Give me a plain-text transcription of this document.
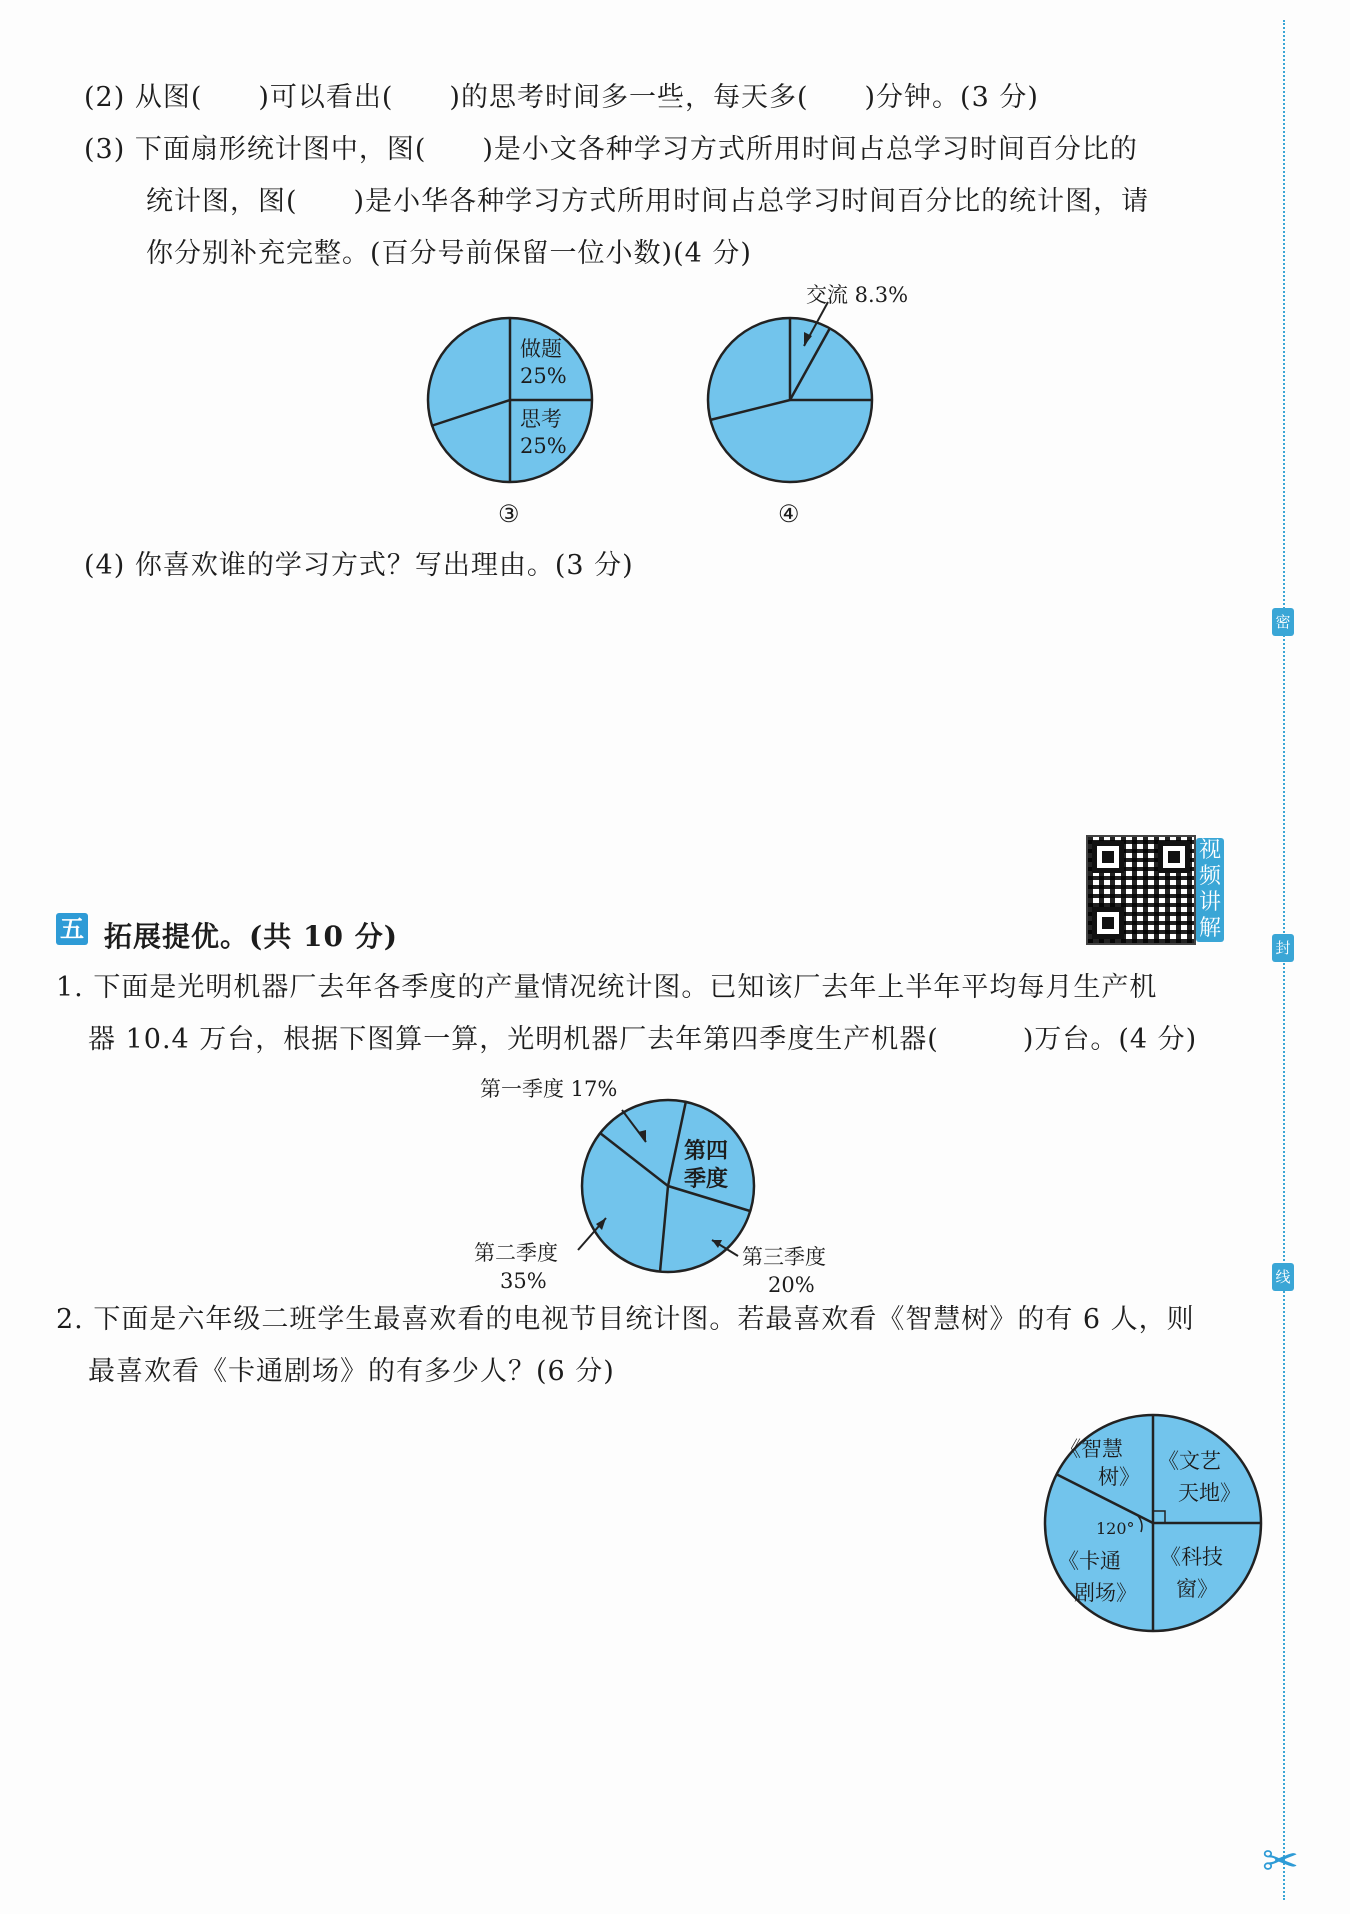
密
封
线
✂
(2) 从图(　　)可以看出(　　)的思考时间多一些，每天多(　　)分钟。(3 分)
(3) 下面扇形统计图中，图(　　)是小文各种学习方式所用时间占总学习时间百分比的
统计图，图(　　)是小华各种学习方式所用时间占总学习时间百分比的统计图，请
你分别补充完整。(百分号前保留一位小数)(4 分)
做题
25%
思考
25%
③
交流 8.3%
④
(4) 你喜欢谁的学习方式？写出理由。(3 分)
视
频
讲
解
五 拓展提优。(共 10 分)
1. 下面是光明机器厂去年各季度的产量情况统计图。已知该厂去年上半年平均每月生产机
器 10.4 万台，根据下图算一算，光明机器厂去年第四季度生产机器(　　　)万台。(4 分)
第一季度 17%
第四
季度
第二季度
35%
第三季度
20%
2. 下面是六年级二班学生最喜欢看的电视节目统计图。若最喜欢看《智慧树》的有 6 人，则
最喜欢看《卡通剧场》的有多少人？(6 分)
《智慧
树》
《文艺
天地》
120°
《卡通
剧场》
《科技
窗》
